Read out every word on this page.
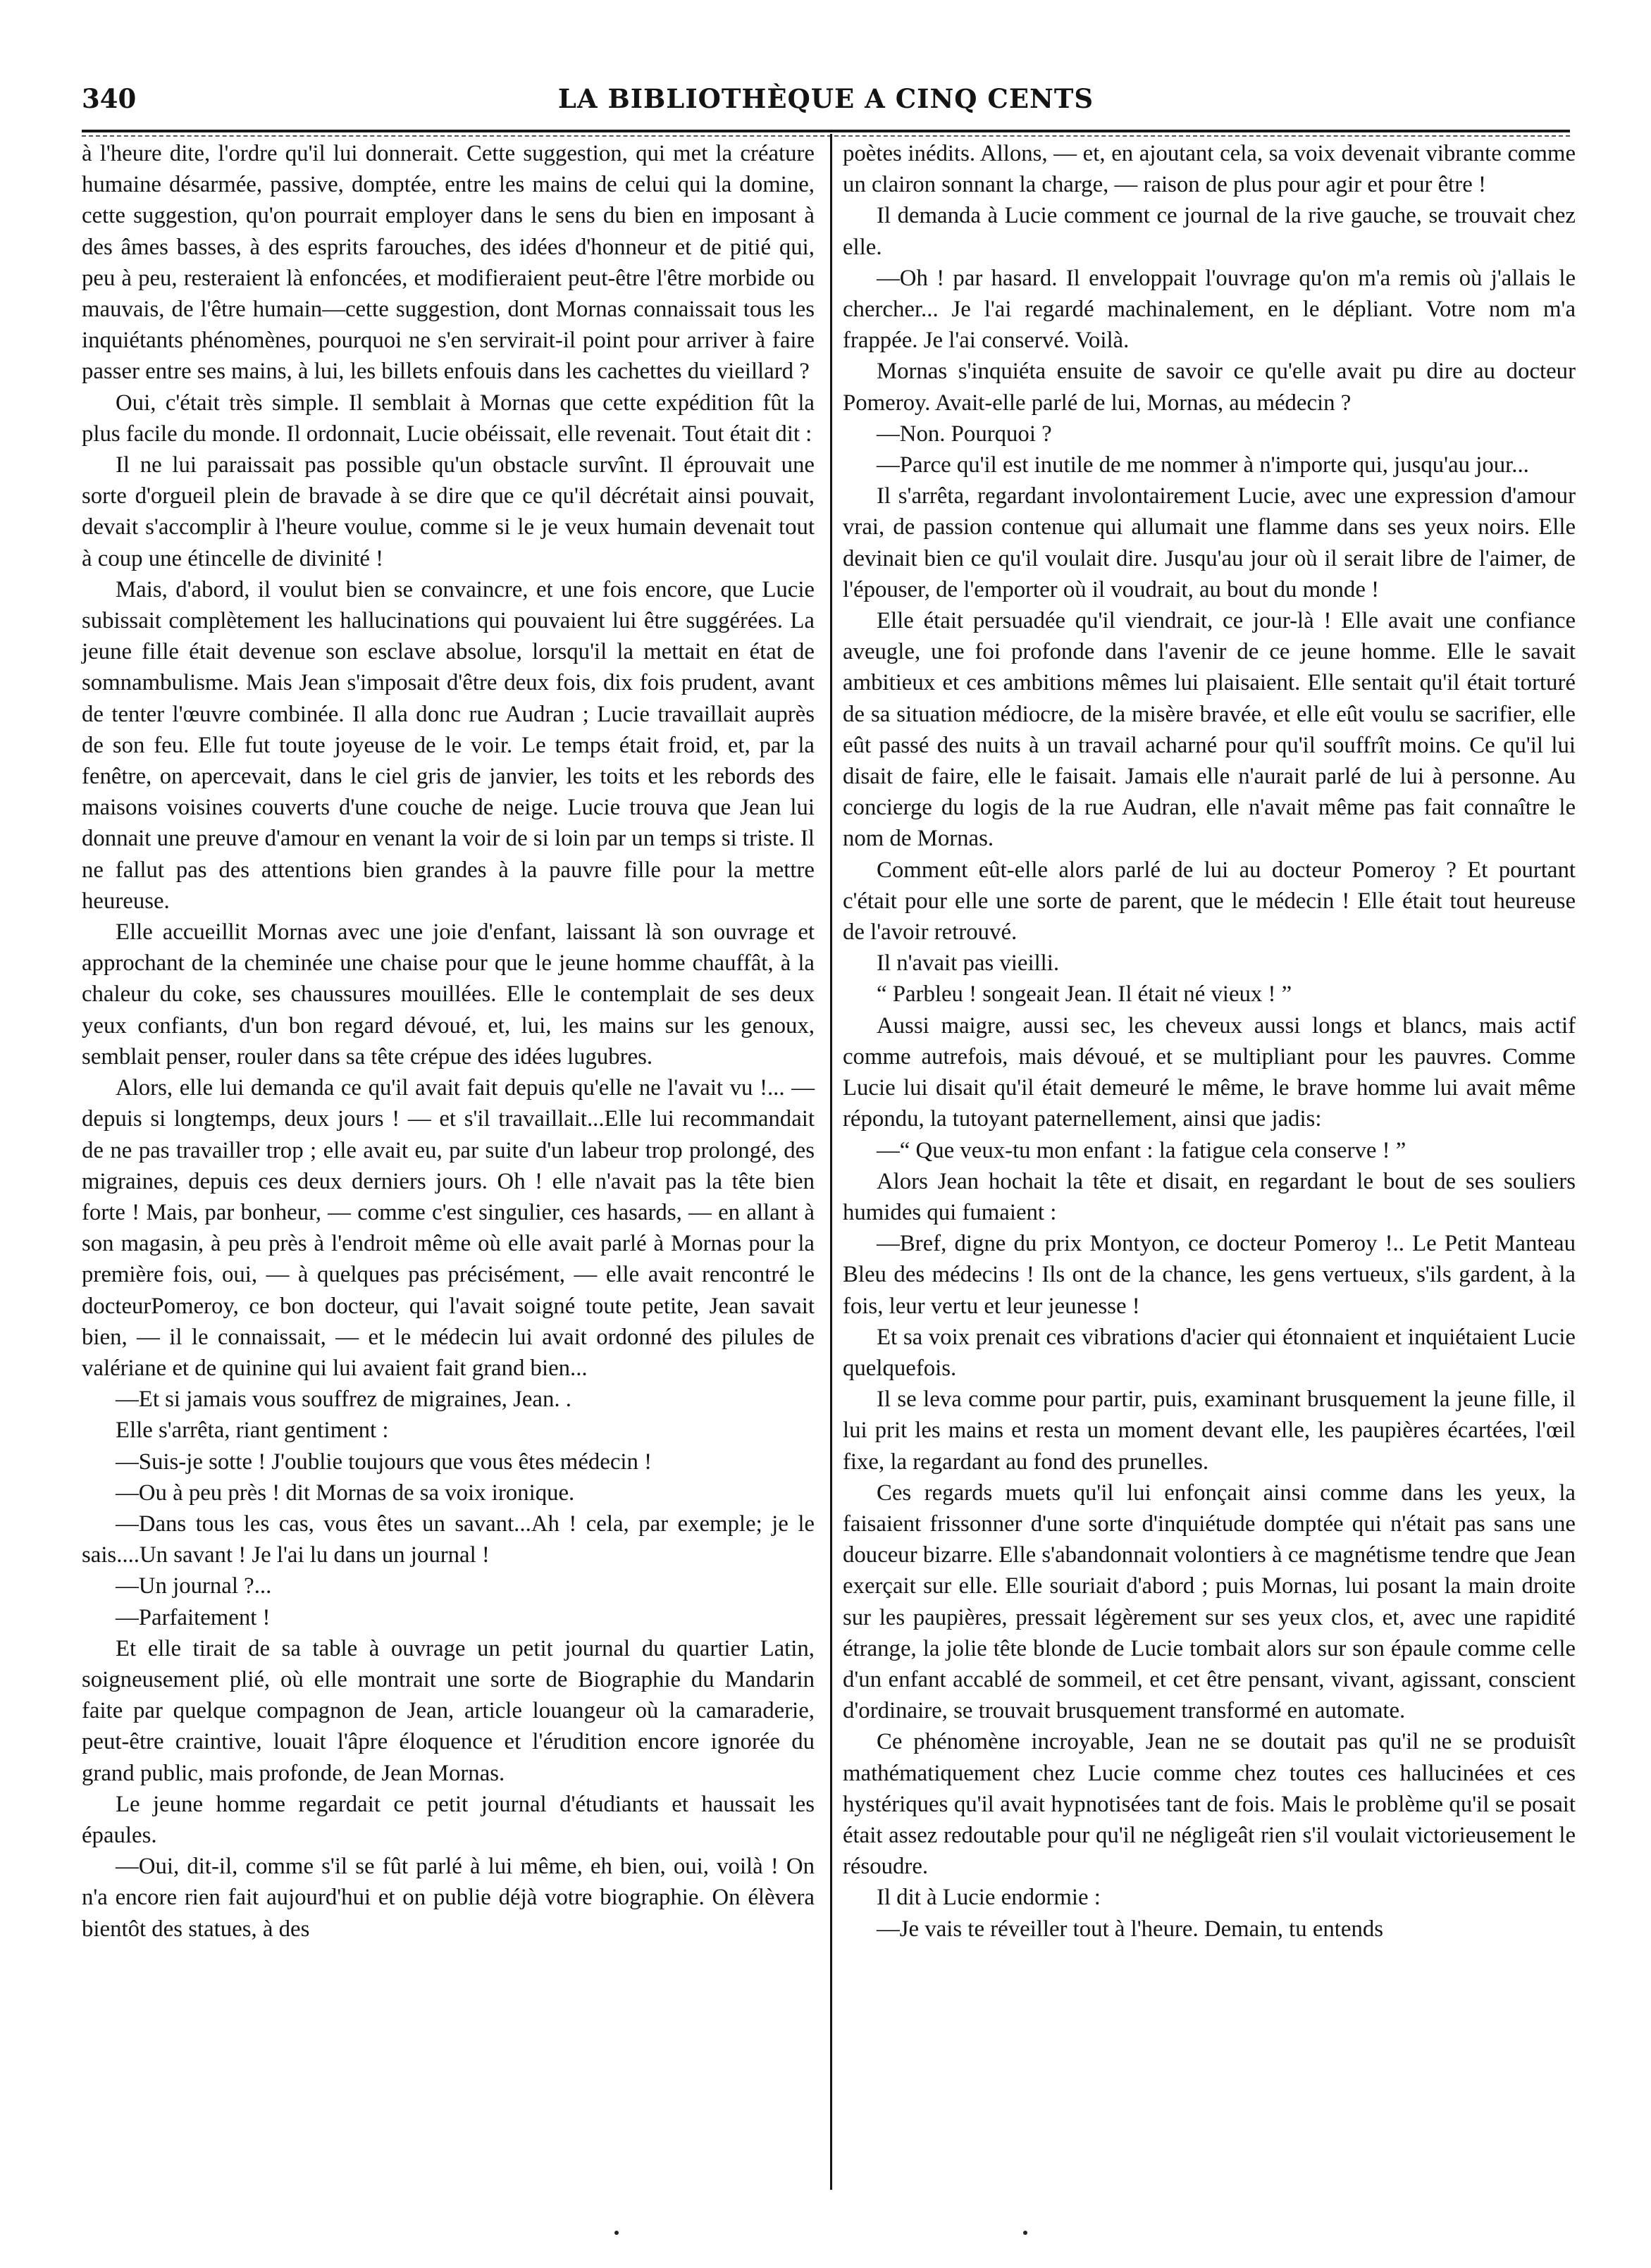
340	LA BIBLIOTHÈQUE A CINQ CENTS

à l'heure dite, l'ordre qu'il lui donnerait. Cette suggestion, qui met la créature humaine désarmée, passive, domptée, entre les mains de celui qui la domine, cette suggestion, qu'on pourrait employer dans le sens du bien en imposant à des âmes basses, à des esprits farouches, des idées d'honneur et de pitié qui, peu à peu, resteraient là enfoncées, et modifieraient peut-être l'être morbide ou mauvais, de l'être humain—cette suggestion, dont Mornas connaissait tous les inquiétants phénomènes, pourquoi ne s'en servirait-il point pour arriver à faire passer entre ses mains, à lui, les billets enfouis dans les cachettes du vieillard ?

Oui, c'était très simple. Il semblait à Mornas que cette expédition fût la plus facile du monde. Il ordonnait, Lucie obéissait, elle revenait. Tout était dit :

Il ne lui paraissait pas possible qu'un obstacle survînt. Il éprouvait une sorte d'orgueil plein de bravade à se dire que ce qu'il décrétait ainsi pouvait, devait s'accomplir à l'heure voulue, comme si le je veux humain devenait tout à coup une étincelle de divinité !

Mais, d'abord, il voulut bien se convaincre, et une fois encore, que Lucie subissait complètement les hallucinations qui pouvaient lui être suggérées. La jeune fille était devenue son esclave absolue, lorsqu'il la mettait en état de somnambulisme. Mais Jean s'imposait d'être deux fois, dix fois prudent, avant de tenter l'œuvre combinée. Il alla donc rue Audran ; Lucie travaillait auprès de son feu. Elle fut toute joyeuse de le voir. Le temps était froid, et, par la fenêtre, on apercevait, dans le ciel gris de janvier, les toits et les rebords des maisons voisines couverts d'une couche de neige. Lucie trouva que Jean lui donnait une preuve d'amour en venant la voir de si loin par un temps si triste. Il ne fallut pas des attentions bien grandes à la pauvre fille pour la mettre heureuse.

Elle accueillit Mornas avec une joie d'enfant, laissant là son ouvrage et approchant de la cheminée une chaise pour que le jeune homme chauffât, à la chaleur du coke, ses chaussures mouillées. Elle le contemplait de ses deux yeux confiants, d'un bon regard dévoué, et, lui, les mains sur les genoux, semblait penser, rouler dans sa tête crépue des idées lugubres.

Alors, elle lui demanda ce qu'il avait fait depuis qu'elle ne l'avait vu !... — depuis si longtemps, deux jours ! — et s'il travaillait...Elle lui recommandait de ne pas travailler trop ; elle avait eu, par suite d'un labeur trop prolongé, des migraines, depuis ces deux derniers jours. Oh ! elle n'avait pas la tête bien forte ! Mais, par bonheur, — comme c'est singulier, ces hasards, — en allant à son magasin, à peu près à l'endroit même où elle avait parlé à Mornas pour la première fois, oui, — à quelques pas précisément, — elle avait rencontré le docteurPomeroy, ce bon docteur, qui l'avait soigné toute petite, Jean savait bien, — il le connaissait, — et le médecin lui avait ordonné des pilules de valériane et de quinine qui lui avaient fait grand bien...

—Et si jamais vous souffrez de migraines, Jean. .

Elle s'arrêta, riant gentiment :

—Suis-je sotte ! J'oublie toujours que vous êtes médecin !

—Ou à peu près ! dit Mornas de sa voix ironique.

—Dans tous les cas, vous êtes un savant...Ah ! cela, par exemple; je le sais....Un savant ! Je l'ai lu dans un journal !

—Un journal ?...

—Parfaitement !

Et elle tirait de sa table à ouvrage un petit journal du quartier Latin, soigneusement plié, où elle montrait une sorte de Biographie du Mandarin faite par quelque compagnon de Jean, article louangeur où la camaraderie, peut-être craintive, louait l'âpre éloquence et l'érudition encore ignorée du grand public, mais profonde, de Jean Mornas.

Le jeune homme regardait ce petit journal d'étudiants et haussait les épaules.

—Oui, dit-il, comme s'il se fût parlé à lui même, eh bien, oui, voilà ! On n'a encore rien fait aujourd'hui et on publie déjà votre biographie. On élèvera bientôt des statues, à des

poètes inédits. Allons, — et, en ajoutant cela, sa voix devenait vibrante comme un clairon sonnant la charge, — raison de plus pour agir et pour être !

Il demanda à Lucie comment ce journal de la rive gauche, se trouvait chez elle.

—Oh ! par hasard. Il enveloppait l'ouvrage qu'on m'a remis où j'allais le chercher... Je l'ai regardé machinalement, en le dépliant. Votre nom m'a frappée. Je l'ai conservé. Voilà.

Mornas s'inquiéta ensuite de savoir ce qu'elle avait pu dire au docteur Pomeroy. Avait-elle parlé de lui, Mornas, au médecin ?

—Non. Pourquoi ?

—Parce qu'il est inutile de me nommer à n'importe qui, jusqu'au jour...

Il s'arrêta, regardant involontairement Lucie, avec une expression d'amour vrai, de passion contenue qui allumait une flamme dans ses yeux noirs. Elle devinait bien ce qu'il voulait dire. Jusqu'au jour où il serait libre de l'aimer, de l'épouser, de l'emporter où il voudrait, au bout du monde !

Elle était persuadée qu'il viendrait, ce jour-là ! Elle avait une confiance aveugle, une foi profonde dans l'avenir de ce jeune homme. Elle le savait ambitieux et ces ambitions mêmes lui plaisaient. Elle sentait qu'il était torturé de sa situation médiocre, de la misère bravée, et elle eût voulu se sacrifier, elle eût passé des nuits à un travail acharné pour qu'il souffrît moins. Ce qu'il lui disait de faire, elle le faisait. Jamais elle n'aurait parlé de lui à personne. Au concierge du logis de la rue Audran, elle n'avait même pas fait connaître le nom de Mornas.

Comment eût-elle alors parlé de lui au docteur Pomeroy ? Et pourtant c'était pour elle une sorte de parent, que le médecin ! Elle était tout heureuse de l'avoir retrouvé.

Il n'avait pas vieilli.

“ Parbleu ! songeait Jean. Il était né vieux ! ”

Aussi maigre, aussi sec, les cheveux aussi longs et blancs, mais actif comme autrefois, mais dévoué, et se multipliant pour les pauvres. Comme Lucie lui disait qu'il était demeuré le même, le brave homme lui avait même répondu, la tutoyant paternellement, ainsi que jadis:

—“ Que veux-tu mon enfant : la fatigue cela conserve ! ”

Alors Jean hochait la tête et disait, en regardant le bout de ses souliers humides qui fumaient :

—Bref, digne du prix Montyon, ce docteur Pomeroy !.. Le Petit Manteau Bleu des médecins ! Ils ont de la chance, les gens vertueux, s'ils gardent, à la fois, leur vertu et leur jeunesse !

Et sa voix prenait ces vibrations d'acier qui étonnaient et inquiétaient Lucie quelquefois.

Il se leva comme pour partir, puis, examinant brusquement la jeune fille, il lui prit les mains et resta un moment devant elle, les paupières écartées, l'œil fixe, la regardant au fond des prunelles.

Ces regards muets qu'il lui enfonçait ainsi comme dans les yeux, la faisaient frissonner d'une sorte d'inquiétude domptée qui n'était pas sans une douceur bizarre. Elle s'abandonnait volontiers à ce magnétisme tendre que Jean exerçait sur elle. Elle souriait d'abord ; puis Mornas, lui posant la main droite sur les paupières, pressait légèrement sur ses yeux clos, et, avec une rapidité étrange, la jolie tête blonde de Lucie tombait alors sur son épaule comme celle d'un enfant accablé de sommeil, et cet être pensant, vivant, agissant, conscient d'ordinaire, se trouvait brusquement transformé en automate.

Ce phénomène incroyable, Jean ne se doutait pas qu'il ne se produisît mathématiquement chez Lucie comme chez toutes ces hallucinées et ces hystériques qu'il avait hypnotisées tant de fois. Mais le problème qu'il se posait était assez redoutable pour qu'il ne négligeât rien s'il voulait victorieusement le résoudre.

Il dit à Lucie endormie :

—Je vais te réveiller tout à l'heure. Demain, tu entends
